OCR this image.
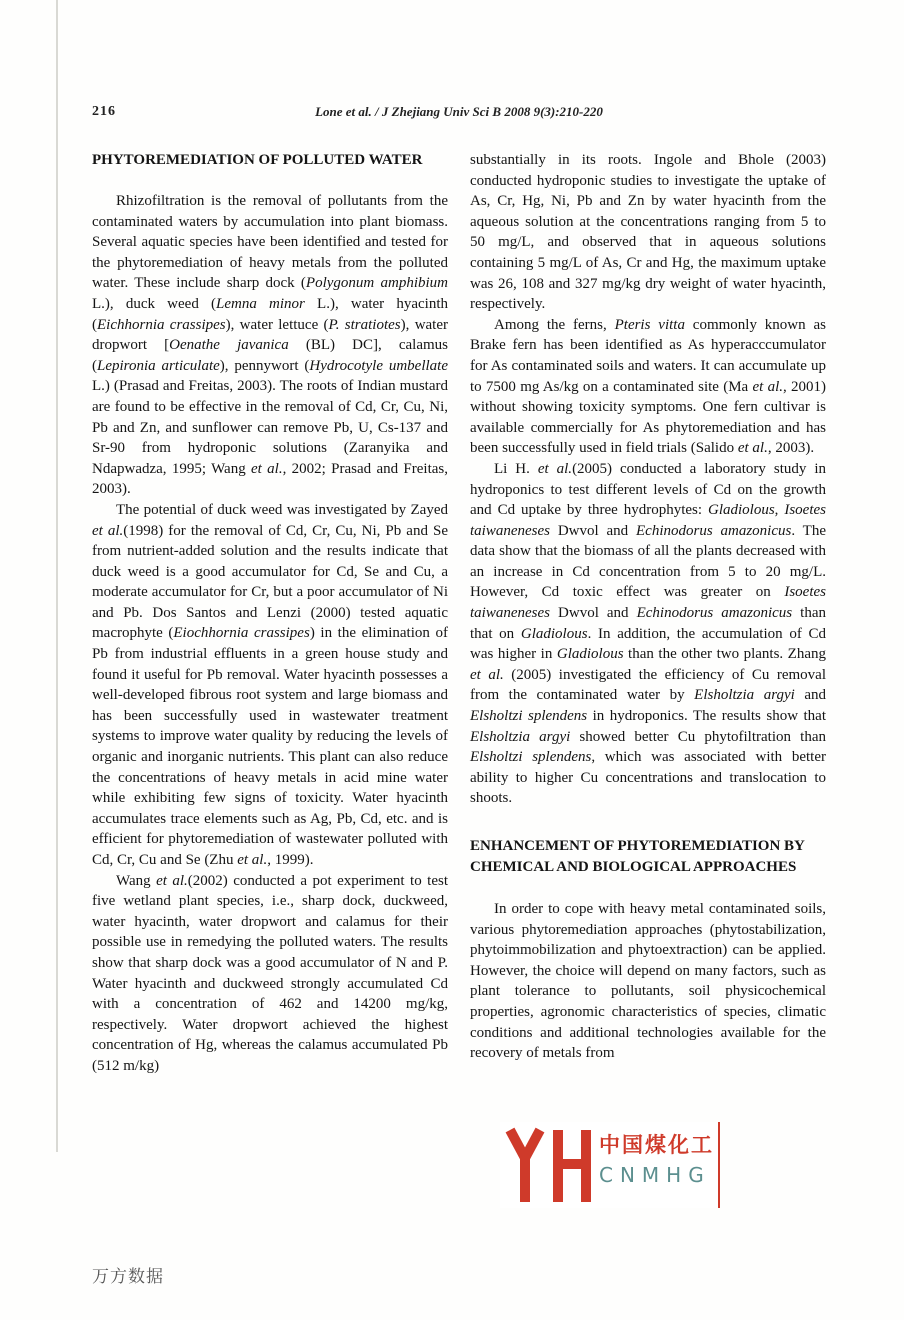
216	Lone et al. / J Zhejiang Univ Sci B 2008 9(3):210-220
PHYTOREMEDIATION OF POLLUTED WATER

Rhizofiltration is the removal of pollutants from the contaminated waters by accumulation into plant biomass. Several aquatic species have been identified and tested for the phytoremediation of heavy metals from the polluted water. These include sharp dock (Polygonum amphibium L.), duck weed (Lemna minor L.), water hyacinth (Eichhornia crassipes), water lettuce (P. stratiotes), water dropwort [Oenathe javanica (BL) DC], calamus (Lepironia articulate), pennywort (Hydrocotyle umbellate L.) (Prasad and Freitas, 2003). The roots of Indian mustard are found to be effective in the removal of Cd, Cr, Cu, Ni, Pb and Zn, and sunflower can remove Pb, U, Cs-137 and Sr-90 from hydroponic solutions (Zaranyika and Ndapwadza, 1995; Wang et al., 2002; Prasad and Freitas, 2003).

The potential of duck weed was investigated by Zayed et al.(1998) for the removal of Cd, Cr, Cu, Ni, Pb and Se from nutrient-added solution and the results indicate that duck weed is a good accumulator for Cd, Se and Cu, a moderate accumulator for Cr, but a poor accumulator of Ni and Pb. Dos Santos and Lenzi (2000) tested aquatic macrophyte (Eiochhornia crassipes) in the elimination of Pb from industrial effluents in a green house study and found it useful for Pb removal. Water hyacinth possesses a well-developed fibrous root system and large biomass and has been successfully used in wastewater treatment systems to improve water quality by reducing the levels of organic and inorganic nutrients. This plant can also reduce the concentrations of heavy metals in acid mine water while exhibiting few signs of toxicity. Water hyacinth accumulates trace elements such as Ag, Pb, Cd, etc. and is efficient for phytoremediation of wastewater polluted with Cd, Cr, Cu and Se (Zhu et al., 1999).

Wang et al.(2002) conducted a pot experiment to test five wetland plant species, i.e., sharp dock, duckweed, water hyacinth, water dropwort and calamus for their possible use in remedying the polluted waters. The results show that sharp dock was a good accumulator of N and P. Water hyacinth and duckweed strongly accumulated Cd with a concentration of 462 and 14200 mg/kg, respectively. Water dropwort achieved the highest concentration of Hg, whereas the calamus accumulated Pb (512 m/kg)

substantially in its roots. Ingole and Bhole (2003) conducted hydroponic studies to investigate the uptake of As, Cr, Hg, Ni, Pb and Zn by water hyacinth from the aqueous solution at the concentrations ranging from 5 to 50 mg/L, and observed that in aqueous solutions containing 5 mg/L of As, Cr and Hg, the maximum uptake was 26, 108 and 327 mg/kg dry weight of water hyacinth, respectively.

Among the ferns, Pteris vitta commonly known as Brake fern has been identified as As hyperacccumulator for As contaminated soils and waters. It can accumulate up to 7500 mg As/kg on a contaminated site (Ma et al., 2001) without showing toxicity symptoms. One fern cultivar is available commercially for As phytoremediation and has been successfully used in field trials (Salido et al., 2003).

Li H. et al.(2005) conducted a laboratory study in hydroponics to test different levels of Cd on the growth and Cd uptake by three hydrophytes: Gladiolous, Isoetes taiwaneneses Dwvol and Echinodorus amazonicus. The data show that the biomass of all the plants decreased with an increase in Cd concentration from 5 to 20 mg/L. However, Cd toxic effect was greater on Isoetes taiwaneneses Dwvol and Echinodorus amazonicus than that on Gladiolous. In addition, the accumulation of Cd was higher in Gladiolous than the other two plants. Zhang et al. (2005) investigated the efficiency of Cu removal from the contaminated water by Elsholtzia argyi and Elsholtzi splendens in hydroponics. The results show that Elsholtzia argyi showed better Cu phytofiltration than Elsholtzi splendens, which was associated with better ability to higher Cu concentrations and translocation to shoots.

ENHANCEMENT OF PHYTOREMEDIATION BY CHEMICAL AND BIOLOGICAL APPROACHES

In order to cope with heavy metal contaminated soils, various phytoremediation approaches (phytostabilization, phytoimmobilization and phytoextraction) can be applied. However, the choice will depend on many factors, such as plant tolerance to pollutants, soil physicochemical properties, agronomic characteristics of species, climatic conditions and additional technologies available for the recovery of metals from

中国煤化工
CNMHG
万方数据
